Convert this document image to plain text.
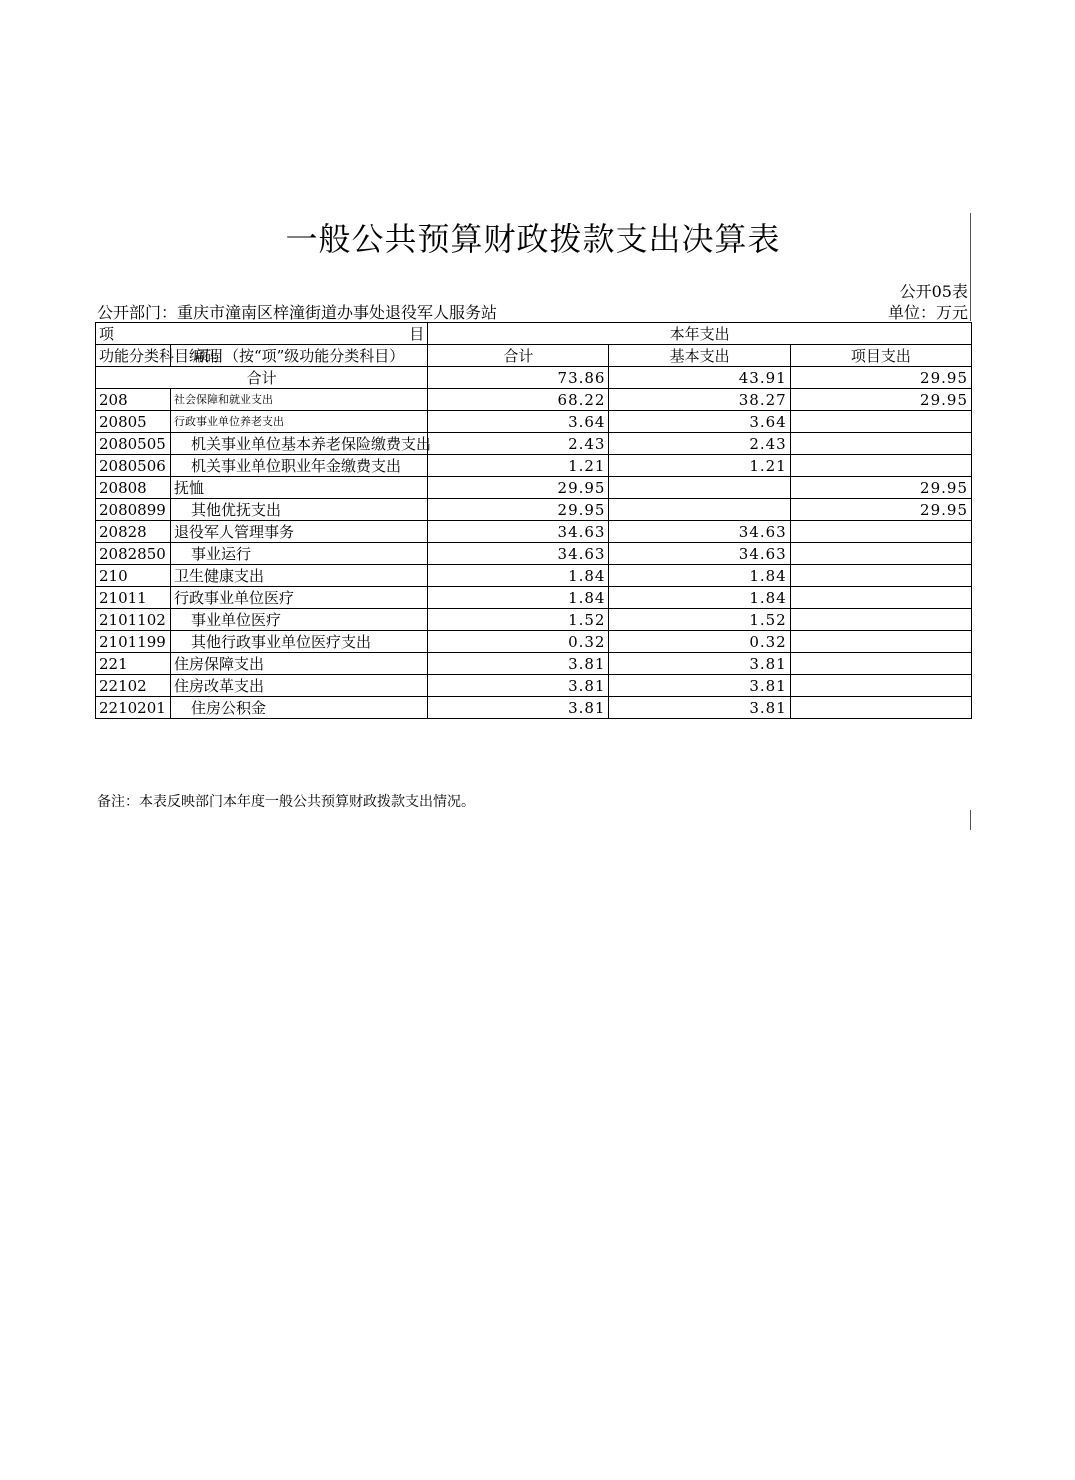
一般公共预算财政拨款支出决算表
公开05表
公开部门：重庆市潼南区梓潼街道办事处退役军人服务站	单位：万元
项 目		本年支出		
功能分类科目编码	项目（按“项”级功能分类科目）	合计	基本支出	项目支出
合计		73.86	43.91	29.95
208	社会保障和就业支出	68.22	38.27	29.95
20805	行政事业单位养老支出	3.64	3.64	
2080505	机关事业单位基本养老保险缴费支出	2.43	2.43	
2080506	机关事业单位职业年金缴费支出	1.21	1.21	
20808	抚恤	29.95		29.95
2080899	其他优抚支出	29.95		29.95
20828	退役军人管理事务	34.63	34.63	
2082850	事业运行	34.63	34.63	
210	卫生健康支出	1.84	1.84	
21011	行政事业单位医疗	1.84	1.84	
2101102	事业单位医疗	1.52	1.52	
2101199	其他行政事业单位医疗支出	0.32	0.32	
221	住房保障支出	3.81	3.81	
22102	住房改革支出	3.81	3.81	
2210201	住房公积金	3.81	3.81	
备注：本表反映部门本年度一般公共预算财政拨款支出情况。
